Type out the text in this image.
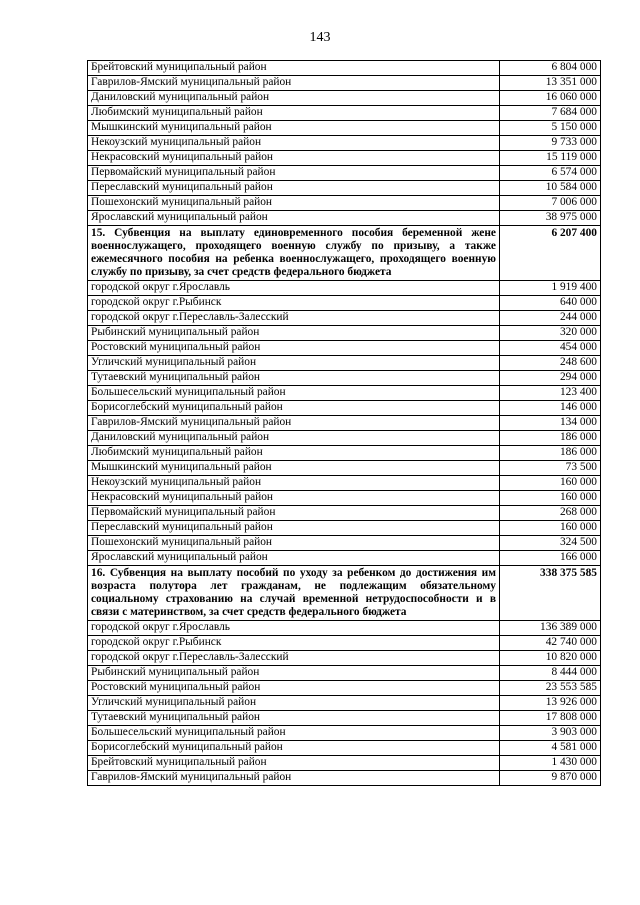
143
Брейтовский муниципальный район	6 804 000
Гаврилов-Ямский муниципальный район	13 351 000
Даниловский муниципальный район	16 060 000
Любимский муниципальный район	7 684 000
Мышкинский муниципальный район	5 150 000
Некоузский муниципальный район	9 733 000
Некрасовский муниципальный район	15 119 000
Первомайский муниципальный район	6 574 000
Переславский муниципальный район	10 584 000
Пошехонский муниципальный район	7 006 000
Ярославский муниципальный район	38 975 000
15. Субвенция на выплату единовременного пособия беременной жене военнослужащего, проходящего военную службу по призыву, а также ежемесячного пособия на ребенка военнослужащего, проходящего военную службу по призыву, за счет средств федерального бюджета	6 207 400
городской округ г.Ярославль	1 919 400
городской округ г.Рыбинск	640 000
городской округ г.Переславль-Залесский	244 000
Рыбинский муниципальный район	320 000
Ростовский муниципальный район	454 000
Угличский муниципальный район	248 600
Тутаевский муниципальный район	294 000
Большесельский муниципальный район	123 400
Борисоглебский муниципальный район	146 000
Гаврилов-Ямский муниципальный район	134 000
Даниловский муниципальный район	186 000
Любимский муниципальный район	186 000
Мышкинский муниципальный район	73 500
Некоузский муниципальный район	160 000
Некрасовский муниципальный район	160 000
Первомайский муниципальный район	268 000
Переславский муниципальный район	160 000
Пошехонский муниципальный район	324 500
Ярославский муниципальный район	166 000
16. Субвенция на выплату пособий по уходу за ребенком до достижения им возраста полутора лет гражданам, не подлежащим обязательному социальному страхованию на случай временной нетрудоспособности и в связи с материнством, за счет средств федерального бюджета	338 375 585
городской округ г.Ярославль	136 389 000
городской округ г.Рыбинск	42 740 000
городской округ г.Переславль-Залесский	10 820 000
Рыбинский муниципальный район	8 444 000
Ростовский муниципальный район	23 553 585
Угличский муниципальный район	13 926 000
Тутаевский муниципальный район	17 808 000
Большесельский муниципальный район	3 903 000
Борисоглебский муниципальный район	4 581 000
Брейтовский муниципальный район	1 430 000
Гаврилов-Ямский муниципальный район	9 870 000
